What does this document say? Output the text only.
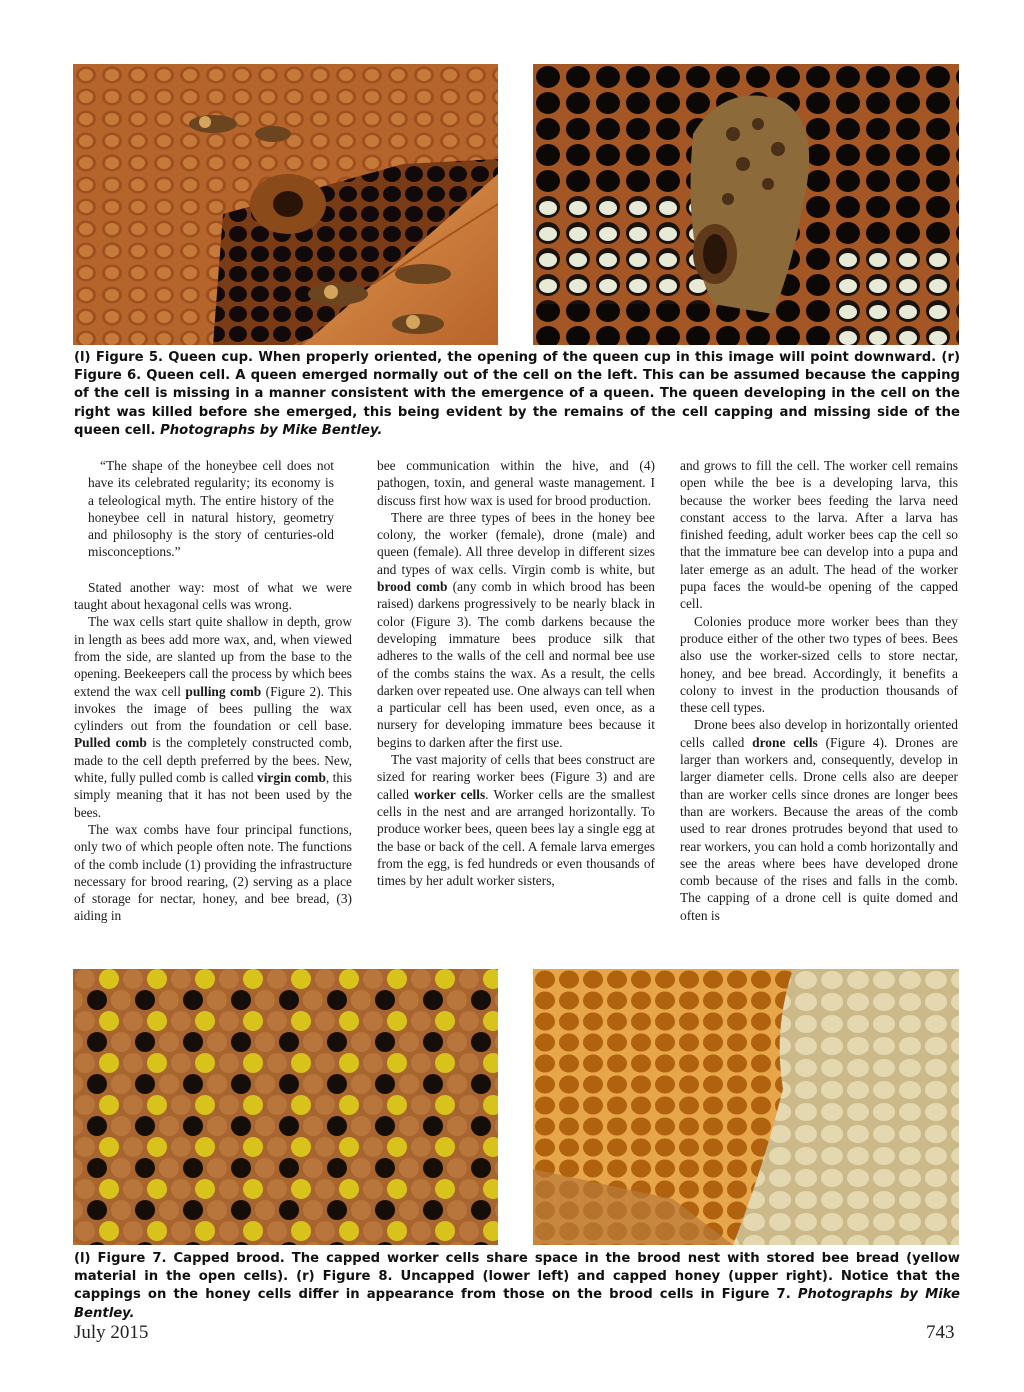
(l) Figure 5. Queen cup. When properly oriented, the opening of the queen cup in this image will point downward. (r) Figure 6. Queen cell. A queen emerged normally out of the cell on the left. This can be assumed because the capping of the cell is missing in a manner consistent with the emergence of a queen. The queen developing in the cell on the right was killed before she emerged, this being evident by the remains of the cell capping and missing side of the queen cell. Photographs by Mike Bentley.

“The shape of the honeybee cell does not have its celebrated regularity; its economy is a teleological myth. The entire history of the honeybee cell in natural history, geometry and philosophy is the story of centuries-old misconceptions.”

Stated another way: most of what we were taught about hexagonal cells was wrong.

The wax cells start quite shallow in depth, grow in length as bees add more wax, and, when viewed from the side, are slanted up from the base to the opening. Beekeepers call the process by which bees extend the wax cell pulling comb (Figure 2). This invokes the image of bees pulling the wax cylinders out from the foundation or cell base. Pulled comb is the completely constructed comb, made to the cell depth preferred by the bees. New, white, fully pulled comb is called virgin comb, this simply meaning that it has not been used by the bees.

The wax combs have four principal functions, only two of which people often note. The functions of the comb include (1) providing the infrastructure necessary for brood rearing, (2) serving as a place of storage for nectar, honey, and bee bread, (3) aiding in

bee communication within the hive, and (4) pathogen, toxin, and general waste management. I discuss first how wax is used for brood production.

There are three types of bees in the honey bee colony, the worker (female), drone (male) and queen (female). All three develop in different sizes and types of wax cells. Virgin comb is white, but brood comb (any comb in which brood has been raised) darkens progressively to be nearly black in color (Figure 3). The comb darkens because the developing immature bees produce silk that adheres to the walls of the cell and normal bee use of the combs stains the wax. As a result, the cells darken over repeated use. One always can tell when a particular cell has been used, even once, as a nursery for developing immature bees because it begins to darken after the first use.

The vast majority of cells that bees construct are sized for rearing worker bees (Figure 3) and are called worker cells. Worker cells are the smallest cells in the nest and are arranged horizontally. To produce worker bees, queen bees lay a single egg at the base or back of the cell. A female larva emerges from the egg, is fed hundreds or even thousands of times by her adult worker sisters,

and grows to fill the cell. The worker cell remains open while the bee is a developing larva, this because the worker bees feeding the larva need constant access to the larva. After a larva has finished feeding, adult worker bees cap the cell so that the immature bee can develop into a pupa and later emerge as an adult. The head of the worker pupa faces the would-be opening of the capped cell.

Colonies produce more worker bees than they produce either of the other two types of bees. Bees also use the worker-sized cells to store nectar, honey, and bee bread. Accordingly, it benefits a colony to invest in the production thousands of these cell types.

Drone bees also develop in horizontally oriented cells called drone cells (Figure 4). Drones are larger than workers and, consequently, develop in larger diameter cells. Drone cells also are deeper than are worker cells since drones are longer bees than are workers. Because the areas of the comb used to rear drones protrudes beyond that used to rear workers, you can hold a comb horizontally and see the areas where bees have developed drone comb because of the rises and falls in the comb. The capping of a drone cell is quite domed and often is

(l) Figure 7. Capped brood. The capped worker cells share space in the brood nest with stored bee bread (yellow material in the open cells). (r) Figure 8. Uncapped (lower left) and capped honey (upper right). Notice that the cappings on the honey cells differ in appearance from those on the brood cells in Figure 7. Photographs by Mike Bentley.
July 2015	743
